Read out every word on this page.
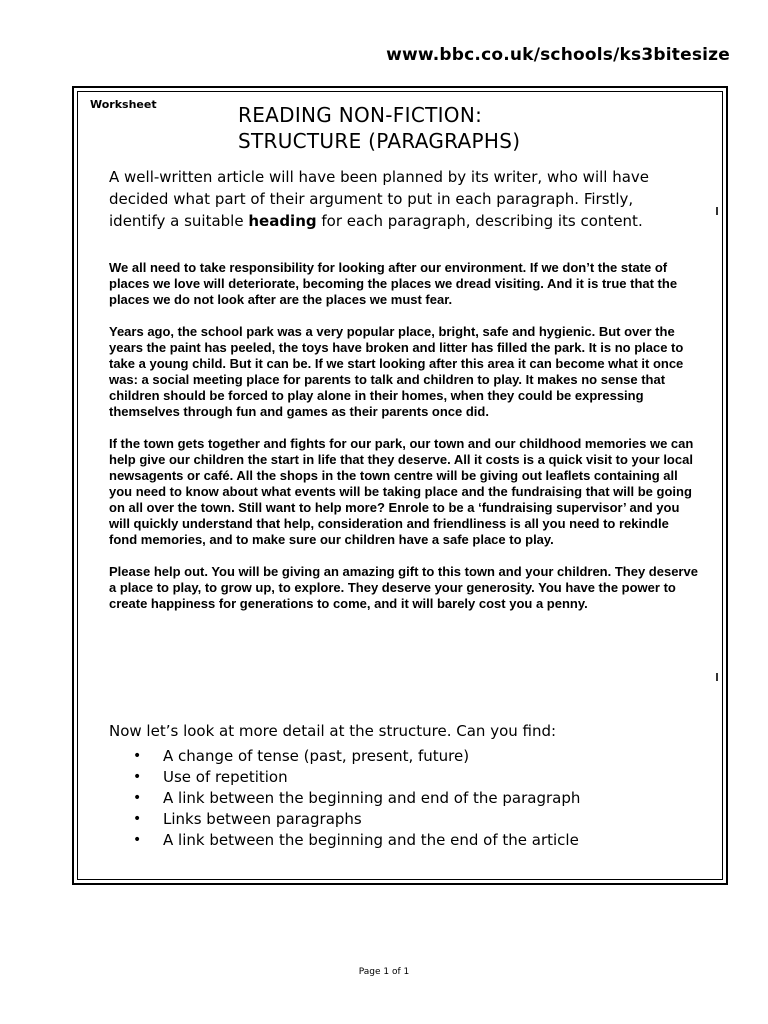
www.bbc.co.uk/schools/ks3bitesize
Worksheet	READING NON-FICTION:
STRUCTURE (PARAGRAPHS)
A well-written article will have been planned by its writer, who will have decided what part of their argument to put in each paragraph. Firstly, identify a suitable heading for each paragraph, describing its content.

We all need to take responsibility for looking after our environment. If we don’t the state of places we love will deteriorate, becoming the places we dread visiting. And it is true that the places we do not look after are the places we must fear.

Years ago, the school park was a very popular place, bright, safe and hygienic. But over the years the paint has peeled, the toys have broken and litter has filled the park. It is no place to take a young child. But it can be. If we start looking after this area it can become what it once was: a social meeting place for parents to talk and children to play. It makes no sense that children should be forced to play alone in their homes, when they could be expressing themselves through fun and games as their parents once did.

If the town gets together and fights for our park, our town and our childhood memories we can help give our children the start in life that they deserve. All it costs is a quick visit to your local newsagents or café. All the shops in the town centre will be giving out leaflets containing all you need to know about what events will be taking place and the fundraising that will be going on all over the town. Still want to help more? Enrole to be a ‘fundraising supervisor’ and you will quickly understand that help, consideration and friendliness is all you need to rekindle fond memories, and to make sure our children have a safe place to play.

Please help out. You will be giving an amazing gift to this town and your children. They deserve a place to play, to grow up, to explore. They deserve your generosity. You have the power to create happiness for generations to come, and it will barely cost you a penny.

Now let’s look at more detail at the structure. Can you find:
• A change of tense (past, present, future)
• Use of repetition
• A link between the beginning and end of the paragraph
• Links between paragraphs
• A link between the beginning and the end of the article
Page 1 of 1
